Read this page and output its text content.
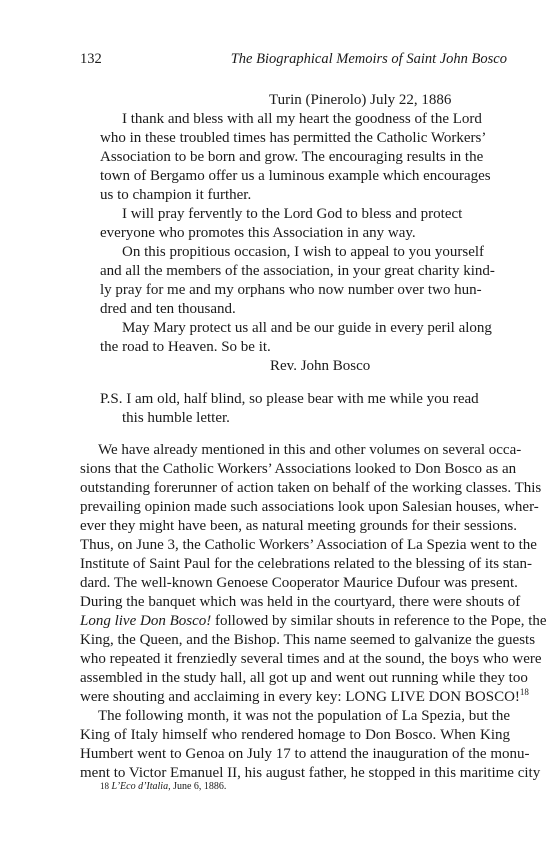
132	The Biographical Memoirs of Saint John Bosco
Turin (Pinerolo) July 22, 1886
I thank and bless with all my heart the goodness of the Lord
who in these troubled times has permitted the Catholic Workers’
Association to be born and grow. The encouraging results in the
town of Bergamo offer us a luminous example which encourages
us to champion it further.
I will pray fervently to the Lord God to bless and protect
everyone who promotes this Association in any way.
On this propitious occasion, I wish to appeal to you yourself
and all the members of the association, in your great charity kind-
ly pray for me and my orphans who now number over two hun-
dred and ten thousand.
May Mary protect us all and be our guide in every peril along
the road to Heaven. So be it.
Rev. John Bosco
P.S. I am old, half blind, so please bear with me while you read
this humble letter.
We have already mentioned in this and other volumes on several occa-
sions that the Catholic Workers’ Associations looked to Don Bosco as an
outstanding forerunner of action taken on behalf of the working classes. This
prevailing opinion made such associations look upon Salesian houses, wher-
ever they might have been, as natural meeting grounds for their sessions.
Thus, on June 3, the Catholic Workers’ Association of La Spezia went to the
Institute of Saint Paul for the celebrations related to the blessing of its stan-
dard. The well-known Genoese Cooperator Maurice Dufour was present.
During the banquet which was held in the courtyard, there were shouts of
Long live Don Bosco! followed by similar shouts in reference to the Pope, the
King, the Queen, and the Bishop. This name seemed to galvanize the guests
who repeated it frenziedly several times and at the sound, the boys who were
assembled in the study hall, all got up and went out running while they too
were shouting and acclaiming in every key: LONG LIVE DON BOSCO!$^{18}$
The following month, it was not the population of La Spezia, but the
King of Italy himself who rendered homage to Don Bosco. When King
Humbert went to Genoa on July 17 to attend the inauguration of the monu-
ment to Victor Emanuel II, his august father, he stopped in this maritime city
18 L’Eco d’Italia, June 6, 1886.
